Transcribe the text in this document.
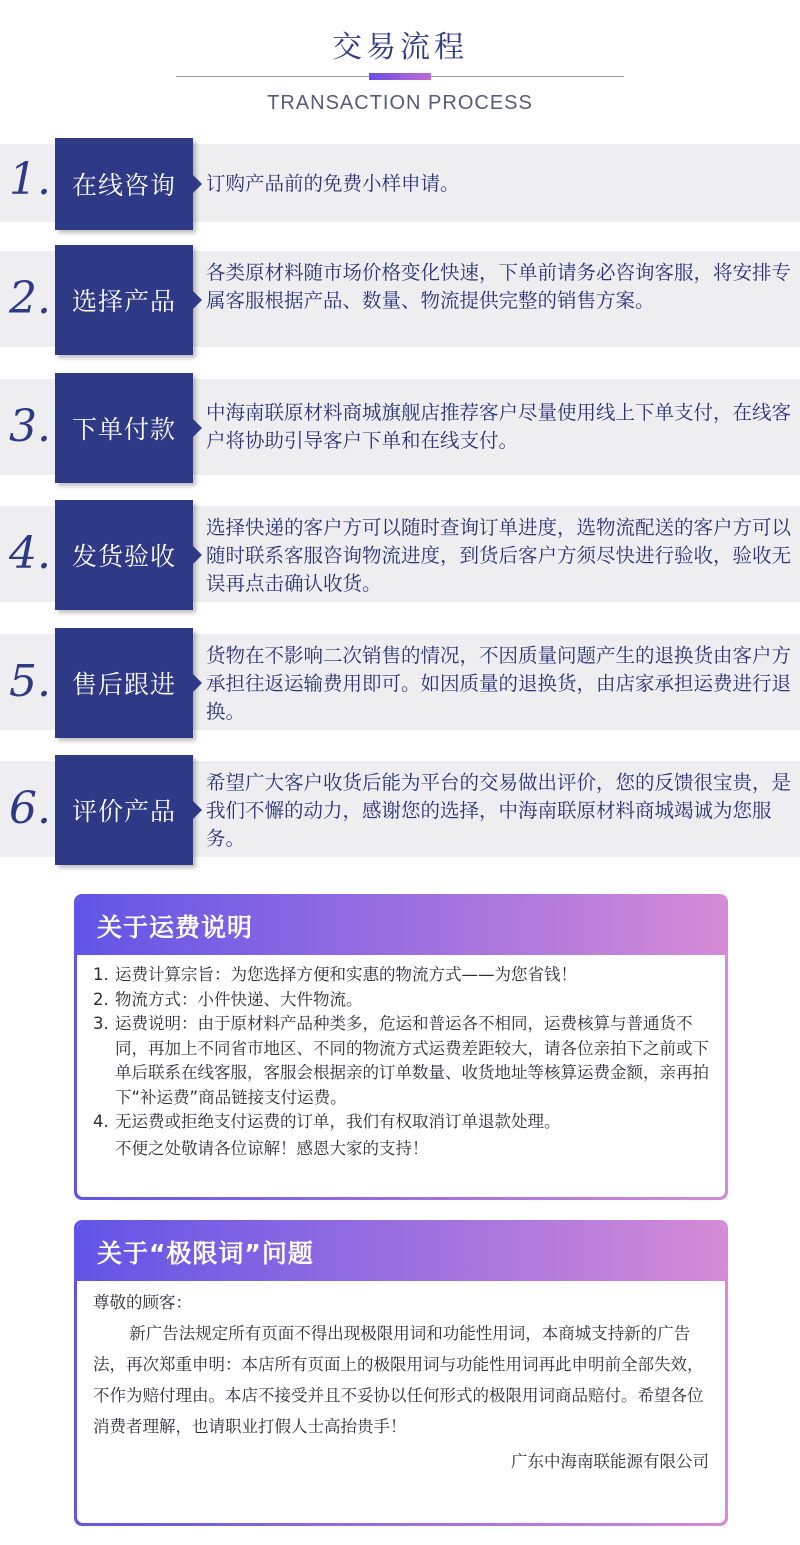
交易流程
TRANSACTION PROCESS
1. 在线咨询	订购产品前的免费小样申请。
2. 选择产品
各类原材料随市场价格变化快速，下单前请务必咨询客服，将安排专属客服根据产品、数量、物流提供完整的销售方案。
3. 下单付款
中海南联原材料商城旗舰店推荐客户尽量使用线上下单支付，在线客户将协助引导客户下单和在线支付。
4. 发货验收
选择快递的客户方可以随时查询订单进度，选物流配送的客户方可以随时联系客服咨询物流进度，到货后客户方须尽快进行验收，验收无误再点击确认收货。
5. 售后跟进
货物在不影响二次销售的情况，不因质量问题产生的退换货由客户方承担往返运输费用即可。如因质量的退换货，由店家承担运费进行退换。
6. 评价产品
希望广大客户收货后能为平台的交易做出评价，您的反馈很宝贵，是我们不懈的动力，感谢您的选择，中海南联原材料商城竭诚为您服务。
关于运费说明
1. 运费计算宗旨：为您选择方便和实惠的物流方式——为您省钱！
2. 物流方式：小件快递、大件物流。
3. 运费说明：由于原材料产品种类多，危运和普运各不相同，运费核算与普通货不同，再加上不同省市地区、不同的物流方式运费差距较大，请各位亲拍下之前或下单后联系在线客服，客服会根据亲的订单数量、收货地址等核算运费金额，亲再拍下“补运费”商品链接支付运费。
4. 无运费或拒绝支付运费的订单，我们有权取消订单退款处理。
不便之处敬请各位谅解！感恩大家的支持！
关于“极限词”问题
尊敬的顾客：
新广告法规定所有页面不得出现极限用词和功能性用词，本商城支持新的广告法，再次郑重申明：本店所有页面上的极限用词与功能性用词再此申明前全部失效，不作为赔付理由。本店不接受并且不妥协以任何形式的极限用词商品赔付。希望各位消费者理解，也请职业打假人士高抬贵手！
广东中海南联能源有限公司
